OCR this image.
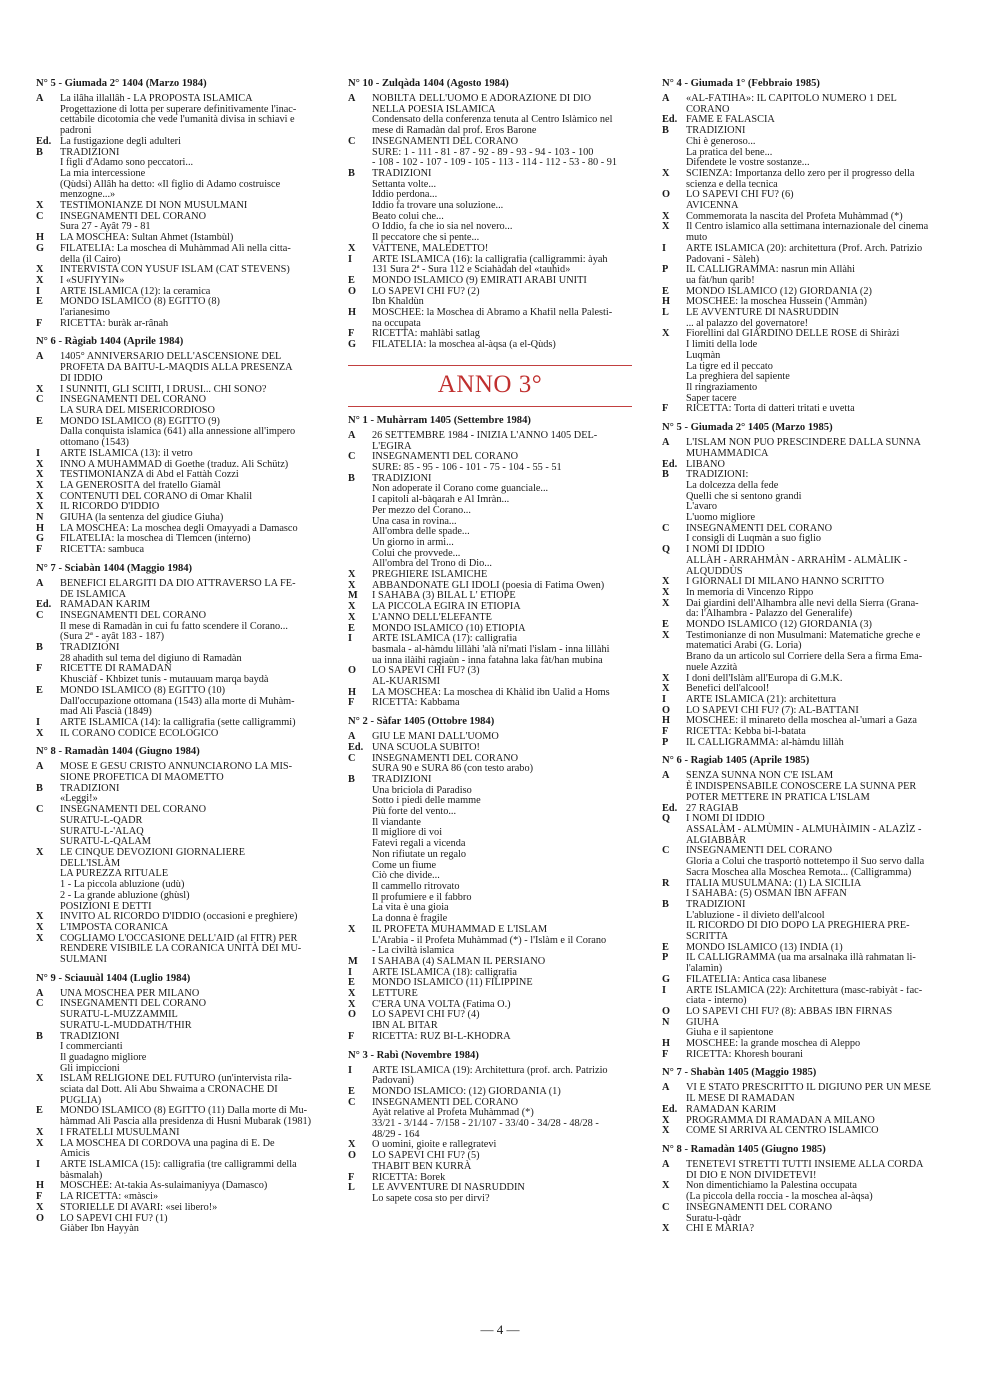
N° 5 - Giumada 2° 1404 (Marzo 1984)
A	La ilâha illallâh - LA PROPOSTA ISLAMICA
Progettazione di lotta per superare definitivamente l'inac-
cettabile dicotomia che vede l'umanità divisa in schiavi e
padroni
Ed. La fustigazione degli adulteri
B	TRADIZIONI
I figli d'Adamo sono peccatori...
La mia intercessione
(Qùdsi) Allâh ha detto: «Il figlio di Adamo costruisce
menzogne...»
X	TESTIMONIANZE DI NON MUSULMANI
C	INSEGNAMENTI DEL CORANO
Sura 27 - Ayât 79 - 81
H	LA MOSCHEA: Sultan Ahmet (Istambùl)
G	FILATELIA: La moschea di Muhàmmad Alì nella citta-
della (il Cairo)
X	INTERVISTA CON YUSUF ISLAM (CAT STEVENS)
X	I «SUFIYYIN»
I	ARTE ISLAMICA (12): la ceramica
E	MONDO ISLAMICO (8) EGITTO (8)
l'arianesimo
F	RICETTA: buràk ar-rânah
N° 6 - Ràgiab 1404 (Aprile 1984)
A	1405° ANNIVERSARIO DELL'ASCENSIONE DEL
PROFETA DA BAITU-L-MAQDIS ALLA PRESENZA
DI IDDIO
X	I SUNNITI, GLI SCIITI, I DRUSI... CHI SONO?
C	INSEGNAMENTI DEL CORANO
LA SURA DEL MISERICORDIOSO
E	MONDO ISLAMICO (8) EGITTO (9)
Dalla conquista islamica (641) alla annessione all'impero
ottomano (1543)
I	ARTE ISLAMICA (13): il vetro
X	INNO A MUHÀMMAD di Goethe (traduz. Ali Schütz)
X	TESTIMONIANZA di Abd el Fattàh Cozzi
X	LA GENEROSITÀ del fratello Giamàl
X	CONTENUTI DEL CORANO di Omar Khalil
X	IL RICORDO D'IDDIO
N	GIUHA (la sentenza del giudice Giuha)
H	LA MOSCHEA: La moschea degli Omayyadi a Damasco
G	FILATELIA: la moschea di Tlemcen (interno)
F	RICETTA: sambuca
N° 7 - Sciabàn 1404 (Maggio 1984)
A	BENEFICI ELARGITI DA DIO ATTRAVERSO LA FE-
DE ISLAMICA
Ed. RAMADAN KARIM
C	INSEGNAMENTI DEL CORANO
Il mese di Ramadàn in cui fu fatto scendere il Corano...
(Sura 2ª - ayât 183 - 187)
B	TRADIZIONI
28 ahadith sul tema del digiuno di Ramadàn
F	RICETTE DI RAMADÀN
Khusciàf - Khbizet tunis - mutauuam marqa baydà
E	MONDO ISLAMICO (8) EGITTO (10)
Dall'occupazione ottomana (1543) alla morte di Muhàm-
mad Ali Pascià (1849)
I	ARTE ISLAMICA (14): la calligrafia (sette calligrammi)
X	IL CORANO CODICE ECOLOGICO
N° 8 - Ramadàn 1404 (Giugno 1984)
A	MOSÈ E GESÙ CRISTO ANNUNCIARONO LA MIS-
SIONE PROFETICA DI MAOMETTO
B	TRADIZIONI
«Leggi!»
C	INSEGNAMENTI DEL CORANO
SURATU-L-QADR
SURATU-L-'ALAQ
SURATU-L-QALAM
X	LE CINQUE DEVOZIONI GIORNALIERE
DELL'ISLÀM
LA PUREZZA RITUALE
1 - La piccola abluzione (udù)
2 - La grande abluzione (ghùsl)
POSIZIONI E DETTI
X	INVITO AL RICORDO D'IDDIO (occasioni e preghiere)
X	L'IMPOSTA CORANICA
X	COGLIAMO L'OCCASIONE DELL'AID (al FITR) PER
RENDERE VISIBILE LA CORANICA UNITÀ DEI MU-
SULMANI
N° 9 - Sciauuàl 1404 (Luglio 1984)
A	UNA MOSCHEA PER MILANO
C	INSEGNAMENTI DEL CORANO
SURATU-L-MUZZAMMIL
SURATU-L-MUDDATH/THIR
B	TRADIZIONI
I commercianti
Il guadagno migliore
Gli impiccioni
X	ISLAM RELIGIONE DEL FUTURO (un'intervista rila-
sciata dal Dott. Ali Abu Shwaima a CRONACHE DI
PUGLIA)
E	MONDO ISLAMICO (8) EGITTO (11) Dalla morte di Mu-
hàmmad Ali Pascia alla presidenza di Husni Mubarak (1981)
X	I FRATELLI MUSULMANI
X	LA MOSCHEA DI CORDOVA una pagina di E. De
Amicis
I	ARTE ISLAMICA (15): calligrafia (tre calligrammi della
bàsmalah)
H	MOSCHEE: At-takia As-sulaimaniyya (Damasco)
F	LA RICETTA: «màsci»
X	STORIELLE DI AVARI: «sei libero!»
O	LO SAPEVI CHI FU? (1)
Giàber Ibn Hayyàn
N° 10 - Zulqàda 1404 (Agosto 1984)
A	NOBILTÀ DELL'UOMO E ADORAZIONE DI DIO
NELLA POESIA ISLAMICA
Condensato della conferenza tenuta al Centro Islàmico nel
mese di Ramadàn dal prof. Eros Barone
C	INSEGNAMENTI DEL CORANO
SURE: 1 - 111 - 81 - 87 - 92 - 89 - 93 - 94 - 103 - 100
- 108 - 102 - 107 - 109 - 105 - 113 - 114 - 112 - 53 - 80 - 91
B	TRADIZIONI
Settanta volte...
Iddio perdona...
Iddio fa trovare una soluzione...
Beato colui che...
O Iddio, fa che io sia nel novero...
Il peccatore che si pente...
X	VATTENE, MALEDETTO!
I	ARTE ISLAMICA (16): la calligrafia (calligrammi: àyah
131 Sura 2ª - Sura 112 e Sciahàdah del «tauhìd»
E	MONDO ISLAMICO (9) EMIRATI ARABI UNITI
O	LO SAPEVI CHI FU? (2)
Ibn Khaldùn
H	MOSCHEE: la Moschea di Abramo a Khafil nella Palesti-
na occupata
F	RICETTA: mahlàbi satlag
G	FILATELIA: la moschea al-àqsa (a el-Qùds)
ANNO 3°
N° 1 - Muhàrram 1405 (Settembre 1984)
A	26 SETTEMBRE 1984 - INIZIA L'ANNO 1405 DEL-
L'EGIRA
C	INSEGNAMENTI DEL CORANO
SURE: 85 - 95 - 106 - 101 - 75 - 104 - 55 - 51
B	TRADIZIONI
Non adoperate il Corano come guanciale...
I capitoli al-bàqarah e Al Imràn...
Per mezzo del Corano...
Una casa in rovina...
All'ombra delle spade...
Un giorno in armi...
Colui che provvede...
All'ombra del Trono di Dio...
X	PREGHIERE ISLAMICHE
X	ABBANDONATE GLI IDOLI (poesia di Fatima Owen)
M	I SAHABA (3) BILAL L' ETIOPE
X	LA PICCOLA EGIRA IN ETIOPIA
X	L'ANNO DELL'ELEFANTE
E	MONDO ISLAMICO (10) ETIOPIA
I	ARTE ISLAMICA (17): calligrafia
basmala - al-hàmdu lillàhi 'alà ni'mati l'islam - inna lillàhi
ua inna ilàihi ragiaùn - inna fatahna laka fàt/han mubina
O	LO SAPEVI CHI FU? (3)
AL-KUARISMI
H	LA MOSCHEA: La moschea di Khàlid ibn Ualìd a Homs
F	RICETTA: Kabbama
N° 2 - Sàfar 1405 (Ottobre 1984)
A	GIU LE MANI DALL'UOMO
Ed. UNA SCUOLA SUBITO!
C	INSEGNAMENTI DEL CORANO
SURA 90 e SURA 86 (con testo arabo)
B	TRADIZIONI
Una briciola di Paradiso
Sotto i piedi delle mamme
Più forte del vento...
Il viandante
Il migliore di voi
Fatevi regali a vicenda
Non rifiutate un regalo
Come un fiume
Ciò che divide...
Il cammello ritrovato
Il profumiere e il fabbro
La vita è una gioia
La donna è fragile
X	IL PROFETA MUHAMMAD E L'ISLAM
L'Arabia - il Profeta Muhàmmad (*) - l'Islàm e il Corano
- La civiltà islamica
M	I SAHABA (4) SALMAN IL PERSIANO
I	ARTE ISLAMICA (18): calligrafia
E	MONDO ISLAMICO (11) FILIPPINE
X	LETTURE
X	C'ERA UNA VOLTA (Fatima O.)
O	LO SAPEVI CHI FU? (4)
IBN AL BITAR
F	RICETTA: RUZ BI-L-KHODRA
N° 3 - Rabì (Novembre 1984)
I	ARTE ISLAMICA (19): Architettura (prof. arch. Patrizio
Padovani)
E	MONDO ISLAMICO: (12) GIORDANIA (1)
C	INSEGNAMENTI DEL CORANO
Ayàt relative al Profeta Muhàmmad (*)
33/21 - 3/144 - 7/158 - 21/107 - 33/40 - 34/28 - 48/28 -
48/29 - 164
X	O uomini, gioite e rallegratevi
O	LO SAPEVI CHI FU? (5)
THABIT BEN KURRÀ
F	RICETTA: Borek
L	LE AVVENTURE DI NASRUDDIN
Lo sapete cosa sto per dirvi?
N° 4 - Giumada 1° (Febbraio 1985)
A	«AL-FÀTIHA»: IL CAPITOLO NUMERO 1 DEL
CORANO
Ed. FAME E FALASCIA
B	TRADIZIONI
Chi è generoso...
La pratica del bene...
Difendete le vostre sostanze...
X	SCIENZA: Importanza dello zero per il progresso della
scienza e della tecnica
O	LO SAPEVI CHI FU? (6)
AVICENNA
X	Commemorata la nascita del Profeta Muhàmmad (*)
X	Il Centro islamico alla settimana internazionale del cinema
muto
I	ARTE ISLAMICA (20): architettura (Prof. Arch. Patrizio
Padovani - Sàleh)
P	IL CALLIGRAMMA: nasrun min Allàhi
ua fàt/hun qarib!
E	MONDO ISLAMICO (12) GIORDANIA (2)
H	MOSCHEE: la moschea Hussein ('Ammàn)
L	LE AVVENTURE DI NASRUDDIN
... al palazzo del governatore!
X	Fiorellini dal GIARDINO DELLE ROSE di Shiràzi
I limiti della lode
Luqmàn
La tigre ed il peccato
La preghiera del sapiente
Il ringraziamento
Saper tacere
F	RICETTA: Torta di datteri tritati e uvetta
N° 5 - Giumada 2° 1405 (Marzo 1985)
A	L'ISLÀM NON PUÒ PRESCINDERE DALLA SUNNA
MUHAMMADICA
Ed. LIBANO
B	TRADIZIONI:
La dolcezza della fede
Quelli che si sentono grandi
L'avaro
L'uomo migliore
C	INSEGNAMENTI DEL CORANO
I consigli di Luqmàn a suo figlio
Q	I NOMI DI IDDIO
ALLÀH - ARRAHMÀN - ARRAHÌM - ALMÀLIK -
ALQUDDÙS
X	I GIORNALI DI MILANO HANNO SCRITTO
X	In memoria di Vincenzo Rippo
X	Dai giardini dell'Alhambra alle nevi della Sierra (Grana-
da: l'Alhambra - Palazzo del Generalife)
E	MONDO ISLAMICO (12) GIORDANIA (3)
X	Testimonianze di non Musulmani: Matematiche greche e
matematici Arabi (G. Loria)
Brano da un articolo sul Corriere della Sera a firma Ema-
nuele Azzità
X	I doni dell'Islàm all'Europa di G.M.K.
X	Benefici dell'alcool!
I	ARTE ISLAMICA (21): architettura
O	LO SAPEVI CHI FU? (7): AL-BATTANI
H	MOSCHEE: il minareto della moschea al-'umari a Gaza
F	RICETTA: Kebba bi-l-batata
P	IL CALLIGRAMMA: al-hàmdu lillàh
N° 6 - Ragiab 1405 (Aprile 1985)
A	SENZA SUNNA NON C'È ISLÀM
È INDISPENSABILE CONOSCERE LA SUNNA PER
POTER METTERE IN PRATICA L'ISLAM
Ed. 27 RAGIAB
Q	I NOMI DI IDDIO
ASSALÀM - ALMÙMIN - ALMUHÀIMIN - ALAZÌZ -
ALGIABBÀR
C	INSEGNAMENTI DEL CORANO
Gloria a Colui che trasportò nottetempo il Suo servo dalla
Sacra Moschea alla Moschea Remota... (Calligramma)
R	ITALIA MUSULMANA: (1) LA SICILIA
I SAHABA: (5) OSMAN IBN AFFAN
B	TRADIZIONI
L'abluzione - il divieto dell'alcool
IL RICORDO DI DIO DOPO LA PREGHIERA PRE-
SCRITTA
E	MONDO ISLAMICO (13) INDIA (1)
P	IL CALLIGRAMMA (ua ma arsalnaka illà rahmatan li-
l'alamìn)
G	FILATELIA: Antica casa libanese
I	ARTE ISLAMICA (22): Architettura (masc-rabiyàt - fac-
ciata - interno)
O	LO SAPEVI CHI FU? (8): ABBAS IBN FIRNAS
N	GIUHA
Giuha e il sapientone
H	MOSCHEE: la grande moschea di Aleppo
F	RICETTA: Khoresh bourani
N° 7 - Shabàn 1405 (Maggio 1985)
A	VI È STATO PRESCRITTO IL DIGIUNO PER UN MESE
IL MESE DI RAMADAN
Ed. RAMADAN KARIM
X	PROGRAMMA DI RAMADAN A MILANO
X	COME SI ARRIVA AL CENTRO ISLAMICO
N° 8 - Ramadàn 1405 (Giugno 1985)
A	TENETEVI STRETTI TUTTI INSIEME ALLA CORDA
DI DIO E NON DIVIDETEVI!
X	Non dimentichiamo la Palestina occupata
(La piccola della roccia - la moschea al-àqsa)
C	INSEGNAMENTI DEL CORANO
Suratu-l-qàdr
X	CHI È MARIA?
— 4 —
